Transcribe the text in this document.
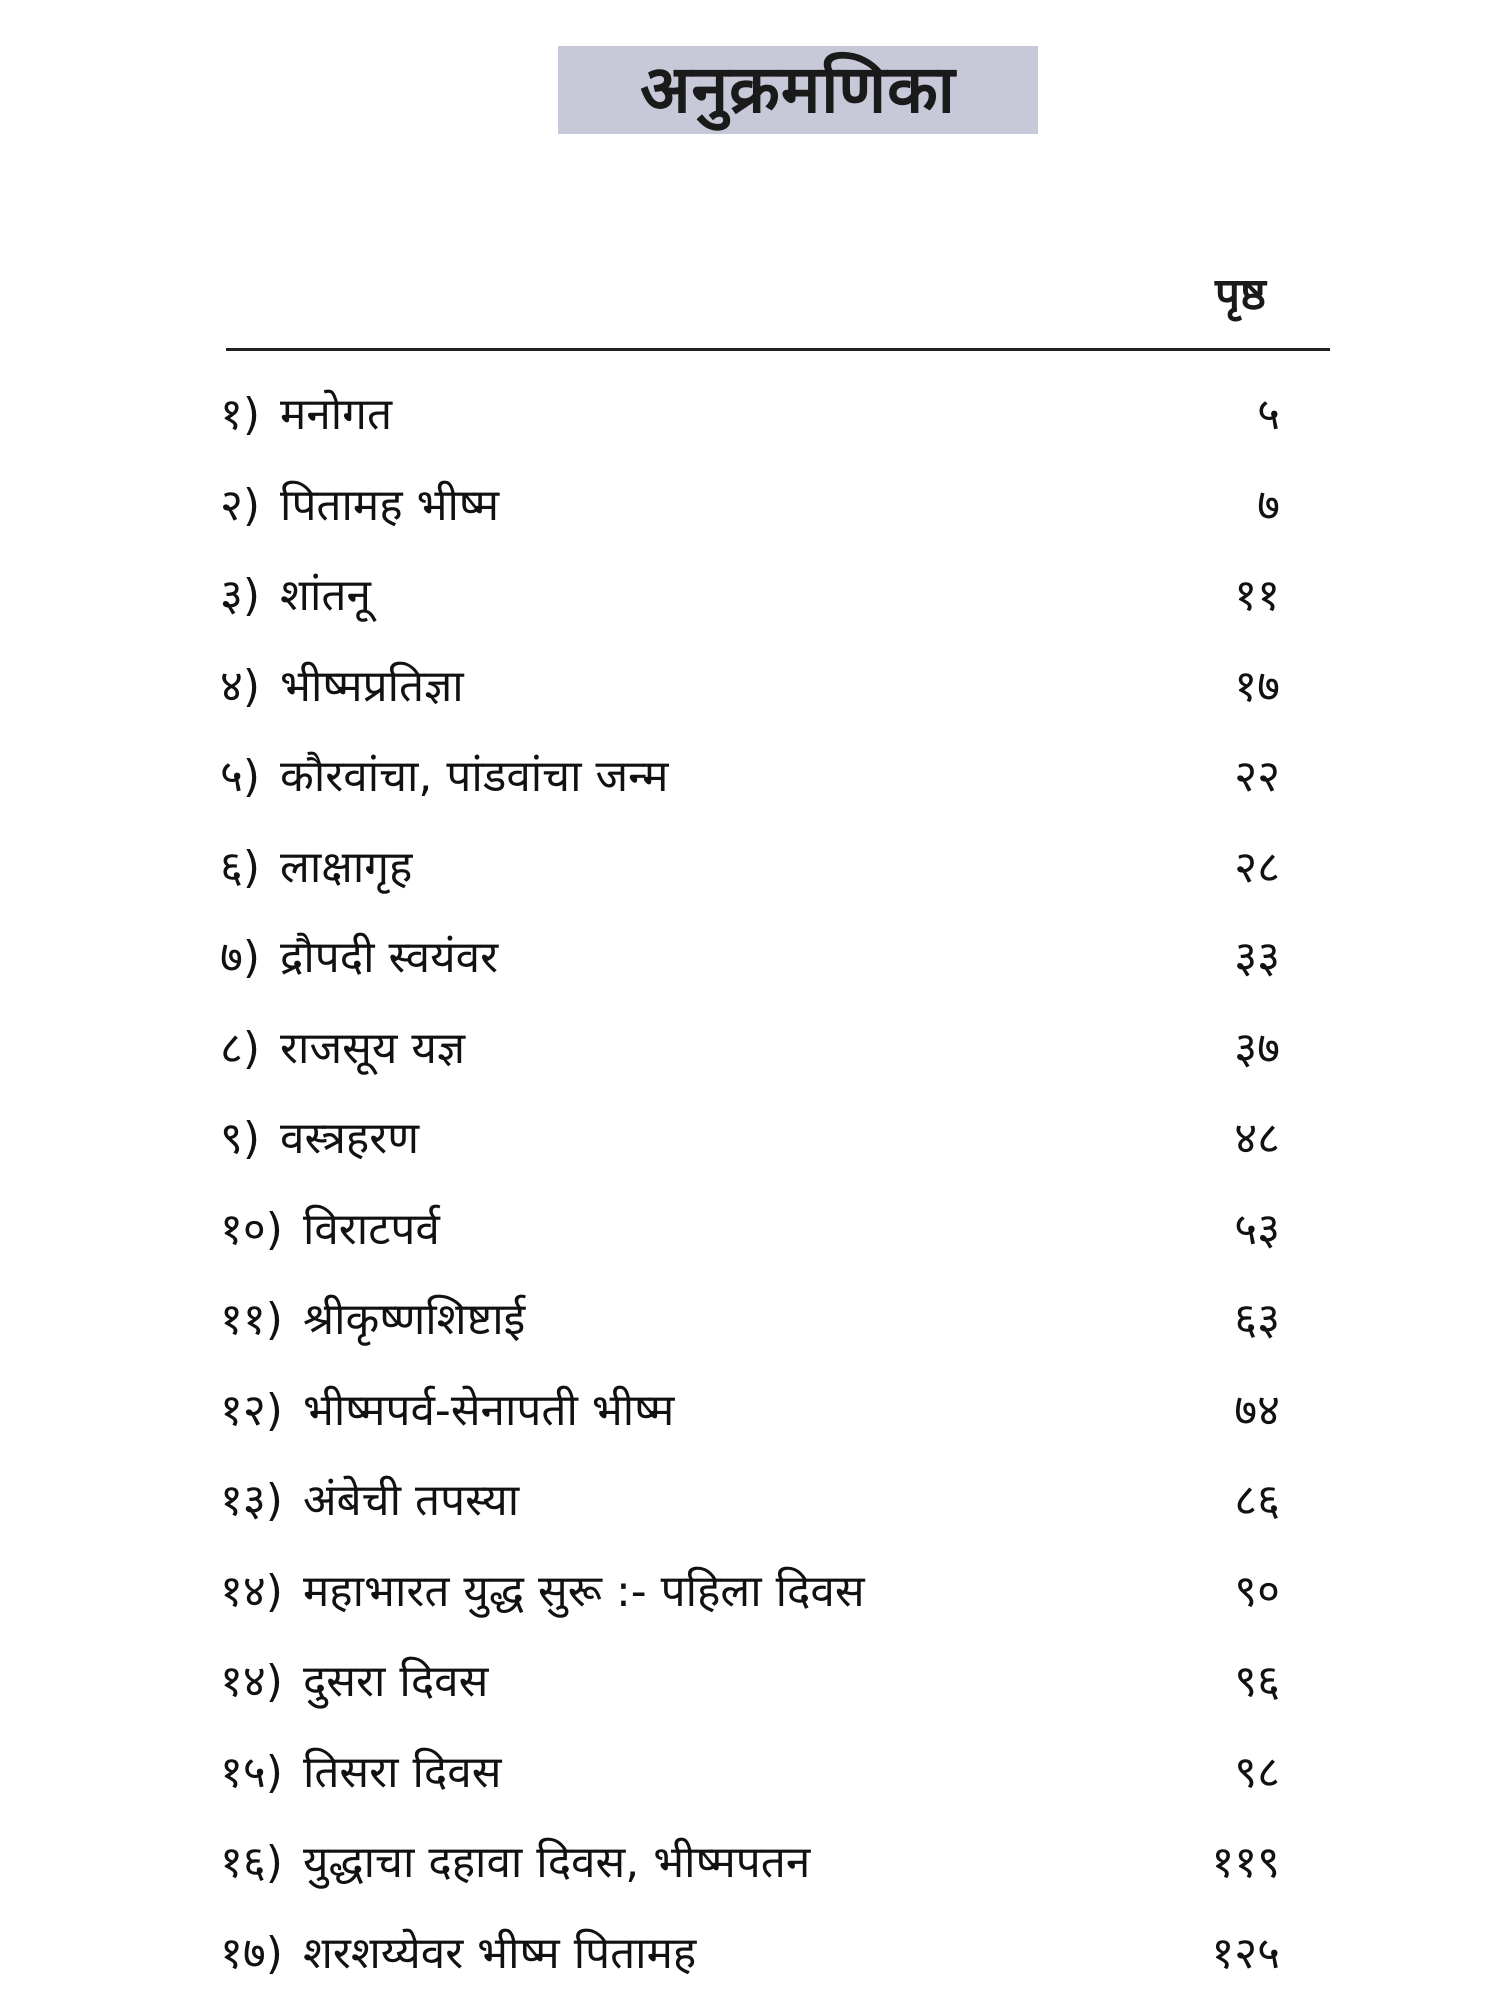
अनुक्रमणिका
पृष्ठ
१) मनोगत	५
२) पितामह भीष्म	७
३) शांतनू	११
४) भीष्मप्रतिज्ञा	१७
५) कौरवांचा, पांडवांचा जन्म	२२
६) लाक्षागृह	२८
७) द्रौपदी स्वयंवर	३३
८) राजसूय यज्ञ	३७
९) वस्त्रहरण	४८
१०) विराटपर्व	५३
११) श्रीकृष्णशिष्टाई	६३
१२) भीष्मपर्व-सेनापती भीष्म	७४
१३) अंबेची तपस्या	८६
१४) महाभारत युद्ध सुरू :- पहिला दिवस	९०
१४) दुसरा दिवस	९६
१५) तिसरा दिवस	९८
१६) युद्धाचा दहावा दिवस, भीष्मपतन	११९
१७) शरशय्येवर भीष्म पितामह	१२५
